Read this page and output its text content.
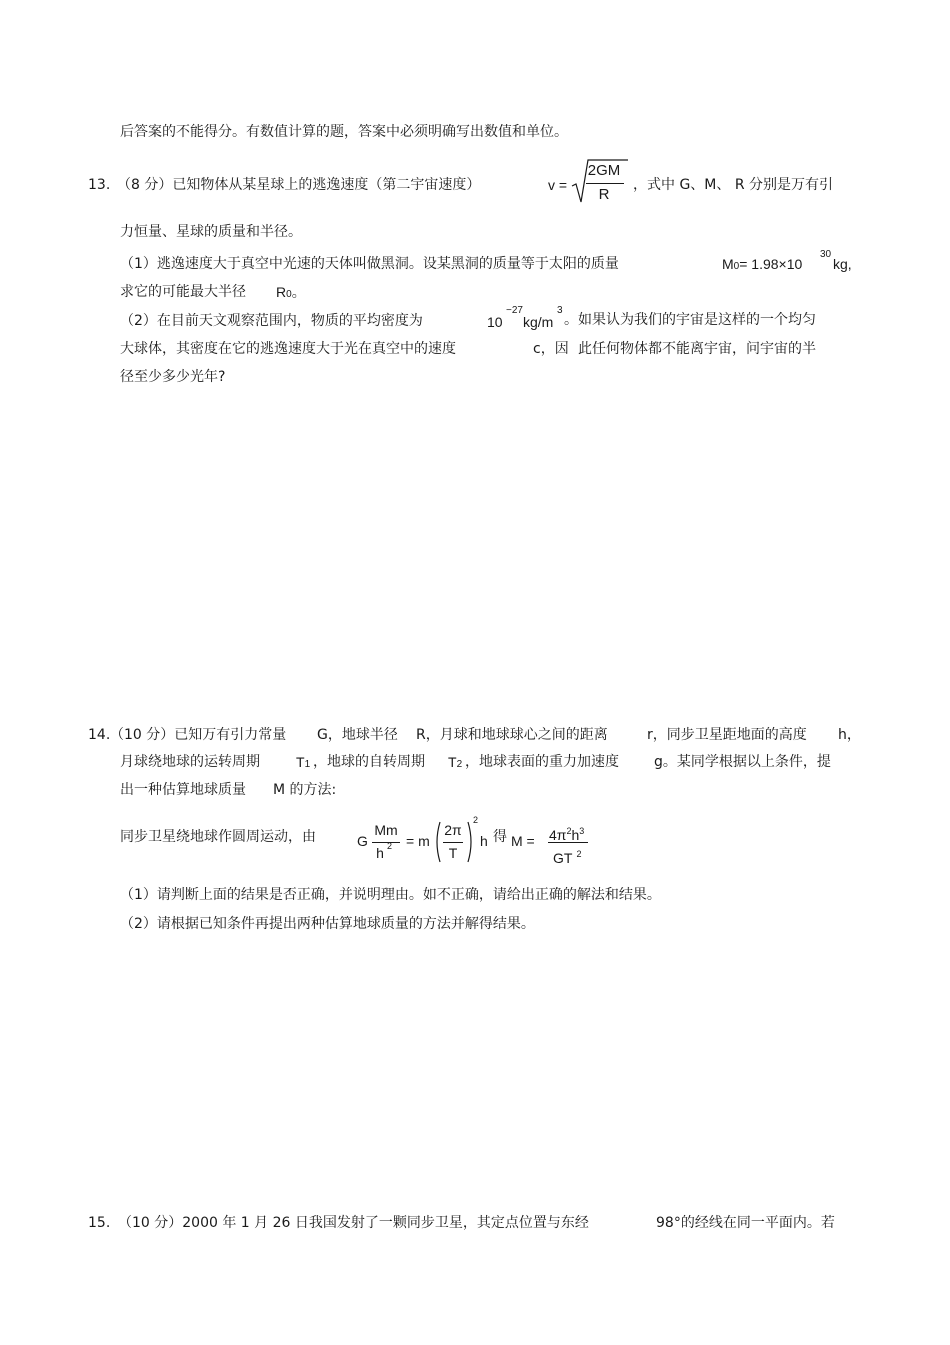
后答案的不能得分。有数值计算的题，答案中必须明确写出数值和单位。
13. （8 分）已知物体从某星球上的逃逸速度（第二宇宙速度）	v =
2GM
R
，式中 G、M、 R 分别是万有引
力恒量、星球的质量和半径。
（1）逃逸速度大于真空中光速的天体叫做黑洞。设某黑洞的质量等于太阳的质量	M0= 1.98×10
30
kg,
求它的可能最大半径 R0。
（2）在目前天文观察范围内，物质的平均密度为	10
−27
kg/m
3
。如果认为我们的宇宙是这样的一个均匀
大球体，其密度在它的逃逸速度大于光在真空中的速度	c，因 此任何物体都不能离宇宙，问宇宙的半
径至少多少光年?
14. （10 分）已知万有引力常量 G，地球半径 R，月球和地球球心之间的距离	r，同步卫星距地面的高度 h，
月球绕地球的运转周期	T1 ，地球的自转周期 T2 ，地球表面的重力加速度	g。某同学根据以上条件，提
出一种估算地球质量 M 的方法:
同步卫星绕地球作圆周运动，由	G
Mm
h 2 = m
2π
T
2
h 得 $M = 4\pi^2h^3$
GT $^2$
（1）请判断上面的结果是否正确，并说明理由。如不正确，请给出正确的解法和结果。
（2）请根据已知条件再提出两种估算地球质量的方法并解得结果。
15. （10 分）2000 年 1 月 26 日我国发射了一颗同步卫星，其定点位置与东经	98°的经线在同一平面内。若
